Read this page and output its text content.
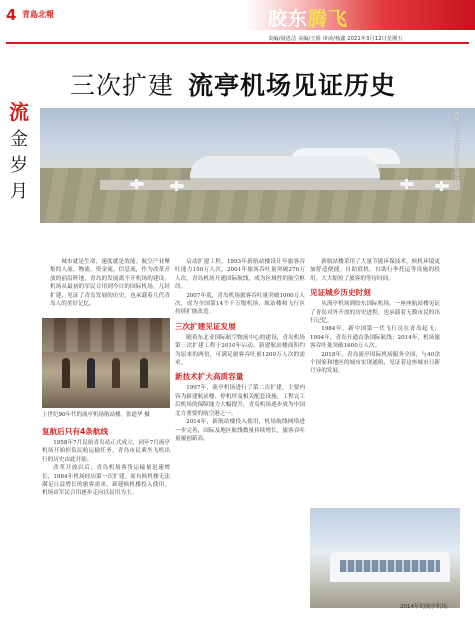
4 青島北報	胶东腾飞
责编/聂恩洁 美编/王娇 审读/杨鑫 2021年3月12日星期五
流
金
岁
月
三次扩建 流亭机场见证历史
俯瞰正在扩建的流亭机场航站楼。

城市就是生命，速度就是效能。航空产业聚集的人流、物流、资金流、信息流，作为改革开放的前沿阵地，青岛的发展离不开机场的建设。机场从最初的军民合用到今日的国际机场，几经扩建，见证了青岛发展的历史，也承载着几代青岛人的美好记忆。

上世纪90年代的流亭机场航站楼。张道华 摄
复航后只有4条航线

1958年7月民航青岛站正式成立，同年7月流亭机场开始担负民航运输任务。青岛市民乘坐飞机出行的历史由此开始。

改革开放以后，青岛机场客货运输量迅速增长，1984年机场经历第一次扩建，原有候机楼无法满足日益增长的旅客需求，新建候机楼投入使用，机场由军民合用逐步走向以民用为主。

启动扩建工程，1993年新航站楼设计年旅客吞吐能力150万人次，2001年旅客吞吐量突破270万人次，青岛机场开通国际航线，成为区域性的航空枢纽。

2007年底，青岛机场旅客吞吐量突破1000万人次，成为全国第14个千万级机场，航站楼和飞行区持续扩能改造。

三次扩建见证发展

随着东北亚国际航空物流中心的建设，青岛机场第三次扩建工程于2010年启动，新建航站楼面积约为原来的两倍，可满足旅客吞吐量1200万人次的需求。

新技术扩大高质容量

1997年，流亭机场进行了第二次扩建，主要内容为新建航站楼、停机坪及相关配套设施，工程完工后机场的保障能力大幅提升，青岛机场逐步成为中国北方重要的航空港之一。

2014年，新航站楼投入使用，机场航线网络进一步完善，国际及地区航线数量持续增长，旅客吞吐量屡创新高。

新航站楼采用了大量节能环保技术，候机环境更加舒适便捷。自助值机、自助行李托运等设施的投用，大大缩短了旅客的等待时间。

见证城乡历史时刻

从流亭机场到胶东国际机场，一座座航站楼见证了青岛对外开放的历史进程，也承载着无数市民的出行记忆。

1984年，新中国第一代飞行员在青岛起飞；1994年，青岛开通首条国际航线；2014年，机场旅客吞吐量突破1600万人次。

2018年，青岛流亭国际机场服务全国，与40余个国家和地区的城市实现通航，见证着这座城市日新月异的发展。

2014年的流亭机场。
